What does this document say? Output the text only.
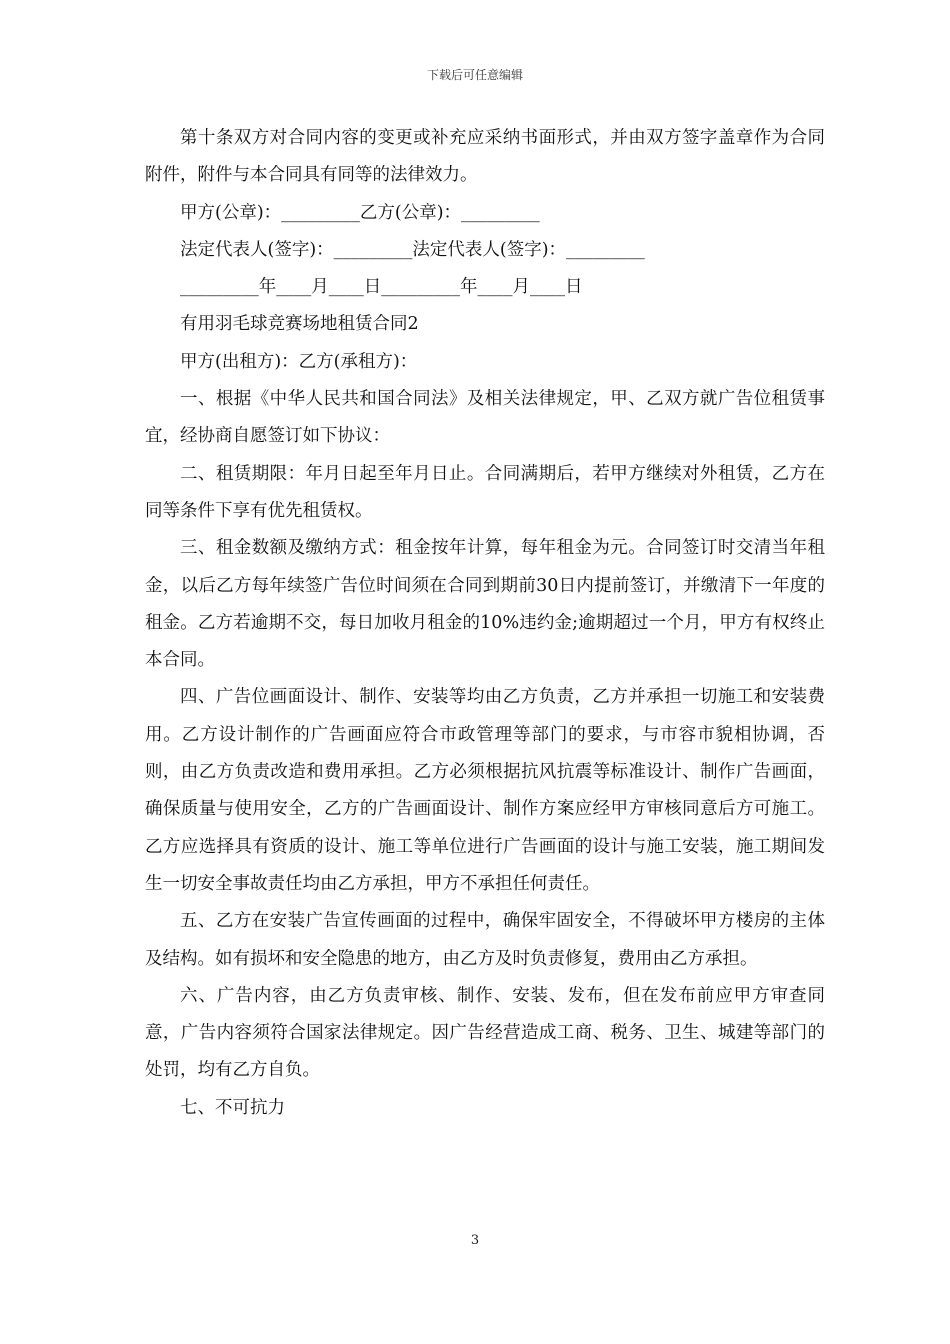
下载后可任意编辑

第十条双方对合同内容的变更或补充应采纳书面形式，并由双方签字盖章作为合同附件，附件与本合同具有同等的法律效力。

甲方(公章)：_________乙方(公章)：_________

法定代表人(签字)：_________法定代表人(签字)：_________

_________年____月____日_________年____月____日

有用羽毛球竞赛场地租赁合同2

甲方(出租方)：乙方(承租方)：

一、根据《中华人民共和国合同法》及相关法律规定，甲、乙双方就广告位租赁事宜，经协商自愿签订如下协议：

二、租赁期限：年月日起至年月日止。合同满期后，若甲方继续对外租赁，乙方在同等条件下享有优先租赁权。

三、租金数额及缴纳方式：租金按年计算，每年租金为元。合同签订时交清当年租金，以后乙方每年续签广告位时间须在合同到期前30日内提前签订，并缴清下一年度的租金。乙方若逾期不交，每日加收月租金的10%违约金;逾期超过一个月，甲方有权终止本合同。

四、广告位画面设计、制作、安装等均由乙方负责，乙方并承担一切施工和安装费用。乙方设计制作的广告画面应符合市政管理等部门的要求，与市容市貌相协调，否则，由乙方负责改造和费用承担。乙方必须根据抗风抗震等标准设计、制作广告画面，确保质量与使用安全，乙方的广告画面设计、制作方案应经甲方审核同意后方可施工。乙方应选择具有资质的设计、施工等单位进行广告画面的设计与施工安装，施工期间发生一切安全事故责任均由乙方承担，甲方不承担任何责任。

五、乙方在安装广告宣传画面的过程中，确保牢固安全，不得破坏甲方楼房的主体及结构。如有损坏和安全隐患的地方，由乙方及时负责修复，费用由乙方承担。

六、广告内容，由乙方负责审核、制作、安装、发布，但在发布前应甲方审查同意，广告内容须符合国家法律规定。因广告经营造成工商、税务、卫生、城建等部门的处罚，均有乙方自负。

七、不可抗力

3
